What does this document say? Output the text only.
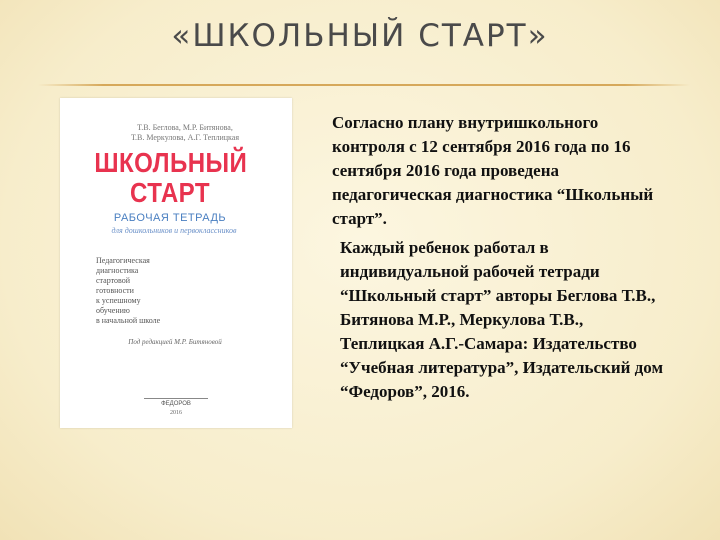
«ШКОЛЬНЫЙ СТАРТ»
Т.В. Беглова, М.Р. Битянова,
Т.В. Меркулова, А.Г. Теплицкая
ШКОЛЬНЫЙ
СТАРТ
РАБОЧАЯ ТЕТРАДЬ
для дошкольников и первоклассников
Педагогическая
диагностика
стартовой
готовности
к успешному
обучению
в начальной школе
Под редакцией М.Р. Битяновой
ФЕДОРОВ
2016
Согласно плану внутришкольного контроля с 12 сентября 2016 года по 16 сентября 2016 года проведена педагогическая диагностика “Школьный старт”.
Каждый ребенок работал в индивидуальной рабочей тетради “Школьный старт” авторы Беглова Т.В., Битянова М.Р., Меркулова Т.В., Теплицкая А.Г.-Самара: Издательство “Учебная литература”, Издательский дом “Федоров”, 2016.
